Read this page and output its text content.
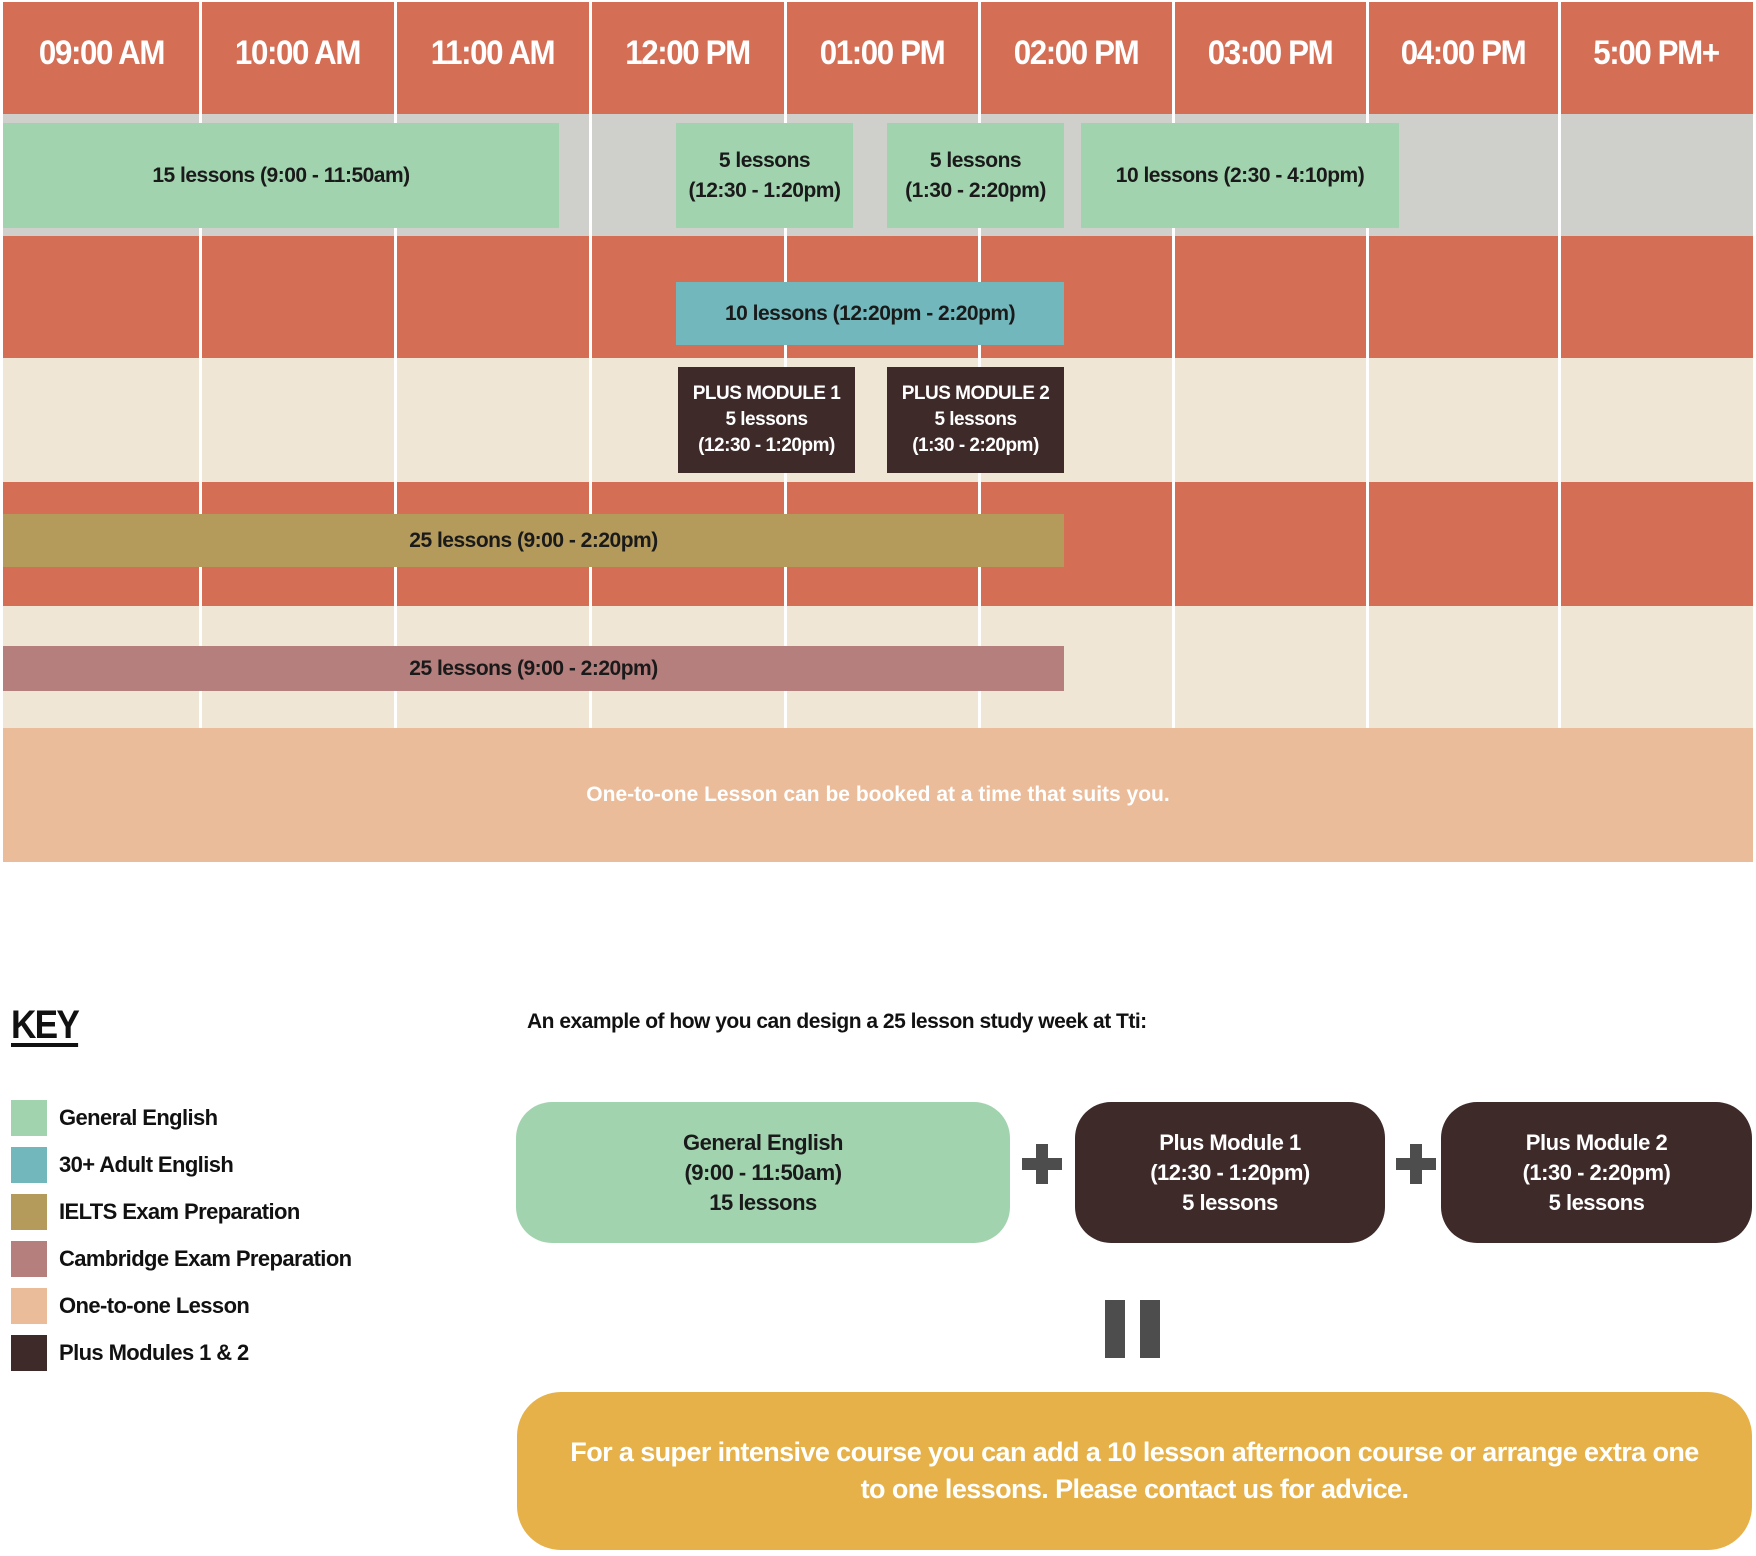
One-to-one Lesson can be booked at a time that suits you.
09:00 AM	10:00 AM	11:00 AM	12:00 PM	01:00 PM	02:00 PM	03:00 PM	04:00 PM	5:00 PM+
15 lessons (9:00 - 11:50am)
5 lessons
(12:30 - 1:20pm)
5 lessons
(1:30 - 2:20pm)
10 lessons (2:30 - 4:10pm)
10 lessons (12:20pm - 2:20pm)
PLUS MODULE 1
5 lessons
(12:30 - 1:20pm)
PLUS MODULE 2
5 lessons
(1:30 - 2:20pm)
25 lessons (9:00 - 2:20pm)
25 lessons (9:00 - 2:20pm)
KEY
General English
30+ Adult English
IELTS Exam Preparation
Cambridge Exam Preparation
One-to-one Lesson
Plus Modules 1 & 2
An example of how you can design a 25 lesson study week at Tti:
General English
(9:00 - 11:50am)
15 lessons
Plus Module 1
(12:30 - 1:20pm)
5 lessons
Plus Module 2
(1:30 - 2:20pm)
5 lessons
For a super intensive course you can add a 10 lesson afternoon course or arrange extra one to one lessons. Please contact us for advice.
